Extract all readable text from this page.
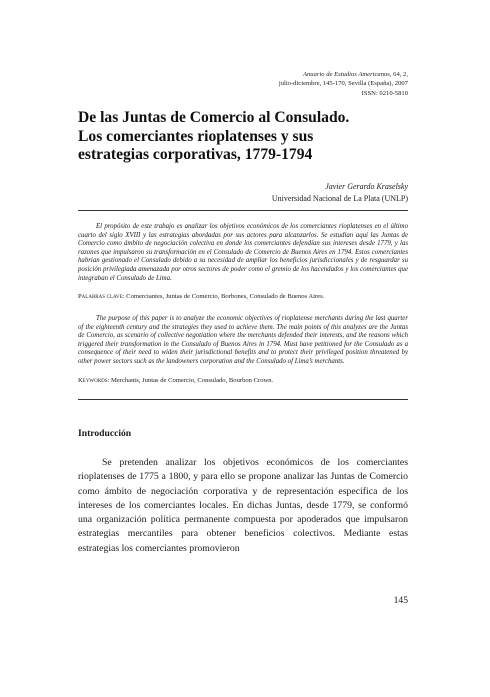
Anuario de Estudios Americanos, 64, 2,
julio-diciembre, 145-170, Sevilla (España), 2007
ISSN: 0210-5810
De las Juntas de Comercio al Consulado.
Los comerciantes rioplatenses y sus
estrategias corporativas, 1779-1794
Javier Gerardo Kraselsky
Universidad Nacional de La Plata (UNLP)

El propósito de este trabajo es analizar los objetivos económicos de los comerciantes rioplatenses en el último cuarto del siglo XVIII y las estrategias abordadas por sus actores para alcanzarlos. Se estudian aquí las Juntas de Comercio como ámbito de negociación colectiva en donde los comerciantes defendían sus intereses desde 1779, y las razones que impulsaron su transformación en el Consulado de Comercio de Buenos Aires en 1794. Estos comerciantes habrían gestionado el Consulado debido a su necesidad de ampliar los beneficios jurisdiccionales y de resguardar su posición privilegiada amenazada por otros sectores de poder como el gremio de los hacendados y los comerciantes que integraban el Consulado de Lima.

Palabras clave: Comerciantes, Juntas de Comercio, Borbones, Consulado de Buenos Aires.

The purpose of this paper is to analyze the economic objectives of rioplatense merchants during the last quarter of the eighteenth century and the strategies they used to achieve them. The main points of this analyzes are the Juntas de Comercio, as scenario of collective negotiation where the merchants defended their interests, and the reasons which triggered their transformation in the Consulado of Buenos Aires in 1794. Must have petitioned for the Consulado as a consequence of their need to widen their jurisdictional benefits and to protect their privileged position threatened by other power sectors such as the landowners corporation and the Consulado of Lima’s merchants.

Keywords: Merchants, Juntas de Comercio, Consulado, Bourbon Crown.
Introducción

Se pretenden analizar los objetivos económicos de los comerciantes rioplatenses de 1775 a 1800, y para ello se propone analizar las Juntas de Comercio como ámbito de negociación corporativa y de representación específica de los intereses de los comerciantes locales. En dichas Juntas, desde 1779, se conformó una organización política permanente compuesta por apoderados que impulsaron estrategias mercantiles para obtener beneficios colectivos. Mediante estas estrategias los comerciantes promovieron

145
